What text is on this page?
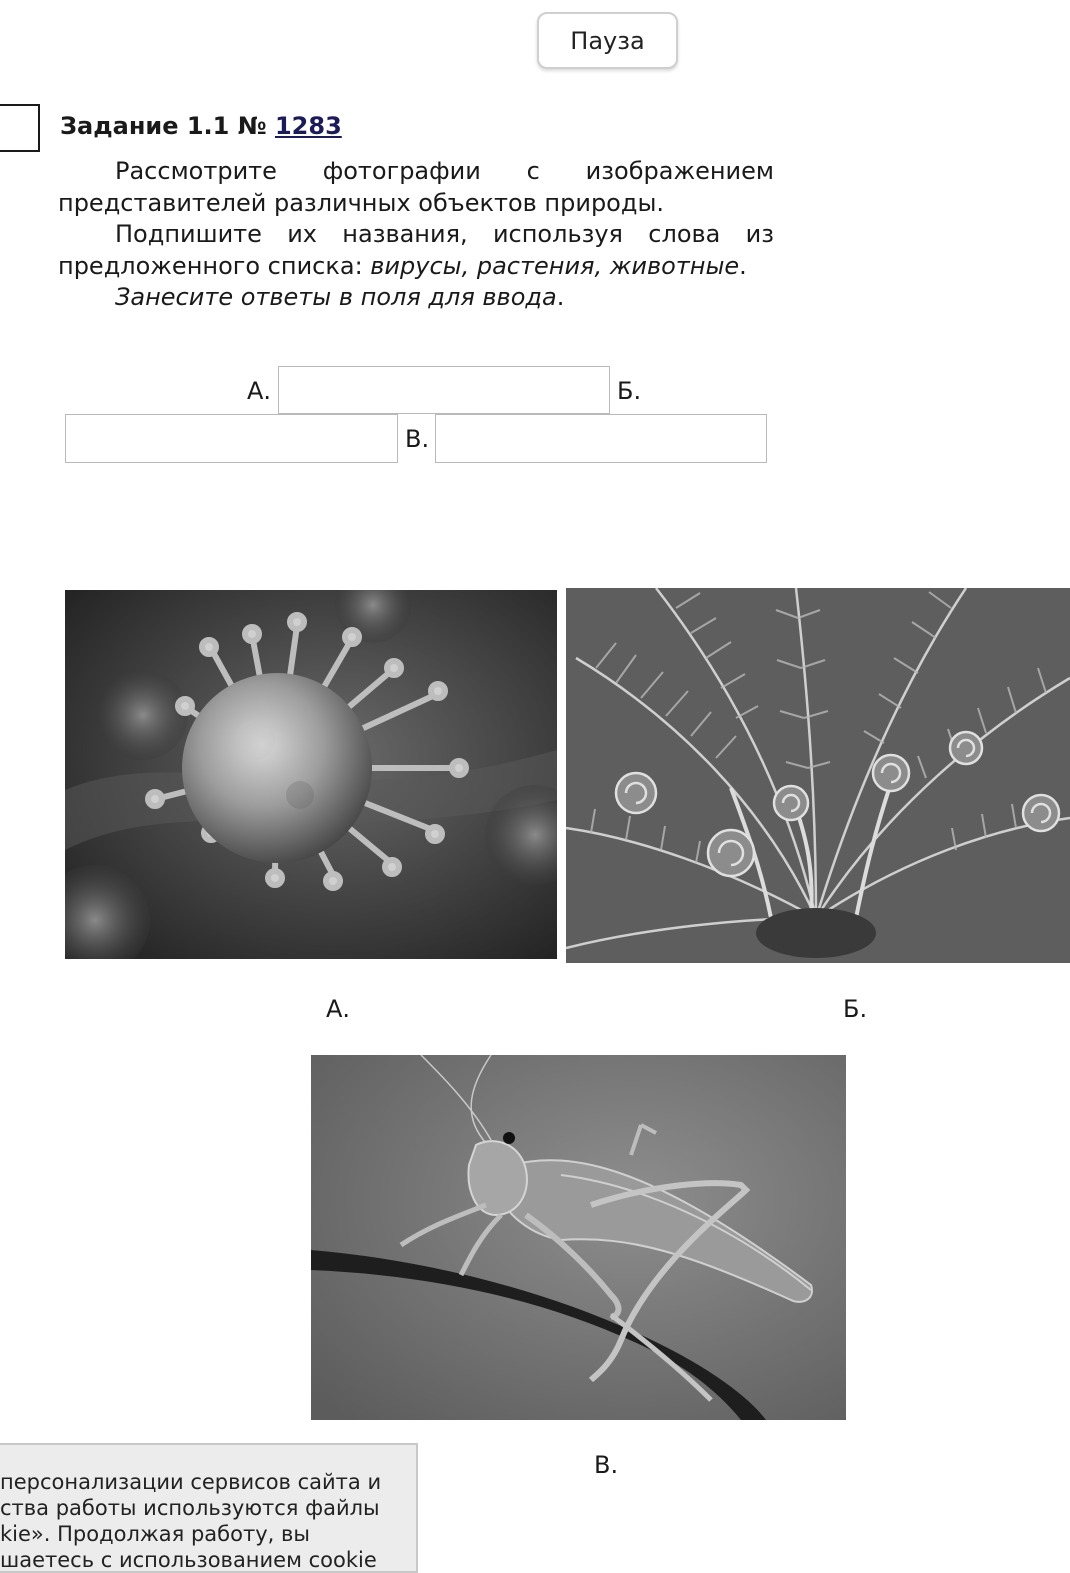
Пауза
Задание 1.1 № 1283

Рассмотрите фотографии с изображением представителей различных объектов природы.

Подпишите их названия, используя слова из предложенного списка: вирусы, растения, животные.

Занесите ответы в поля для ввода.

А.	Б.
В.
А.	Б.
В.
персонализации сервисов сайта и
ства работы используются файлы
kie». Продолжая работу, вы
шаетесь с использованием cookie
